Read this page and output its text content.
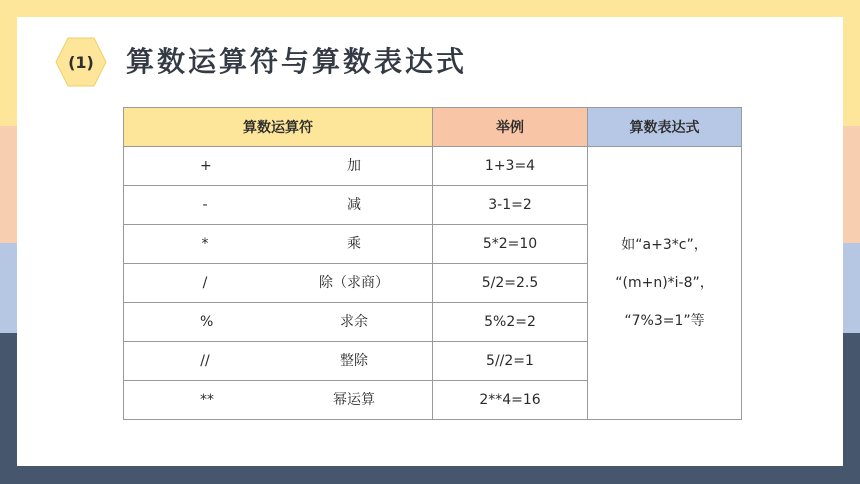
(1)	算数运算符与算数表达式
算数运算符	举例	算数表达式

+ 加	1+3=4	如“a+3*c”，
“(m+n)*i-8”，
“7%3=1”等

- 减	3-1=2	

* 乘	5*2=10	

/ 除（求商）	5/2=2.5	

% 求余	5%2=2	

// 整除	5//2=1	

** 幂运算	2**4=16	
